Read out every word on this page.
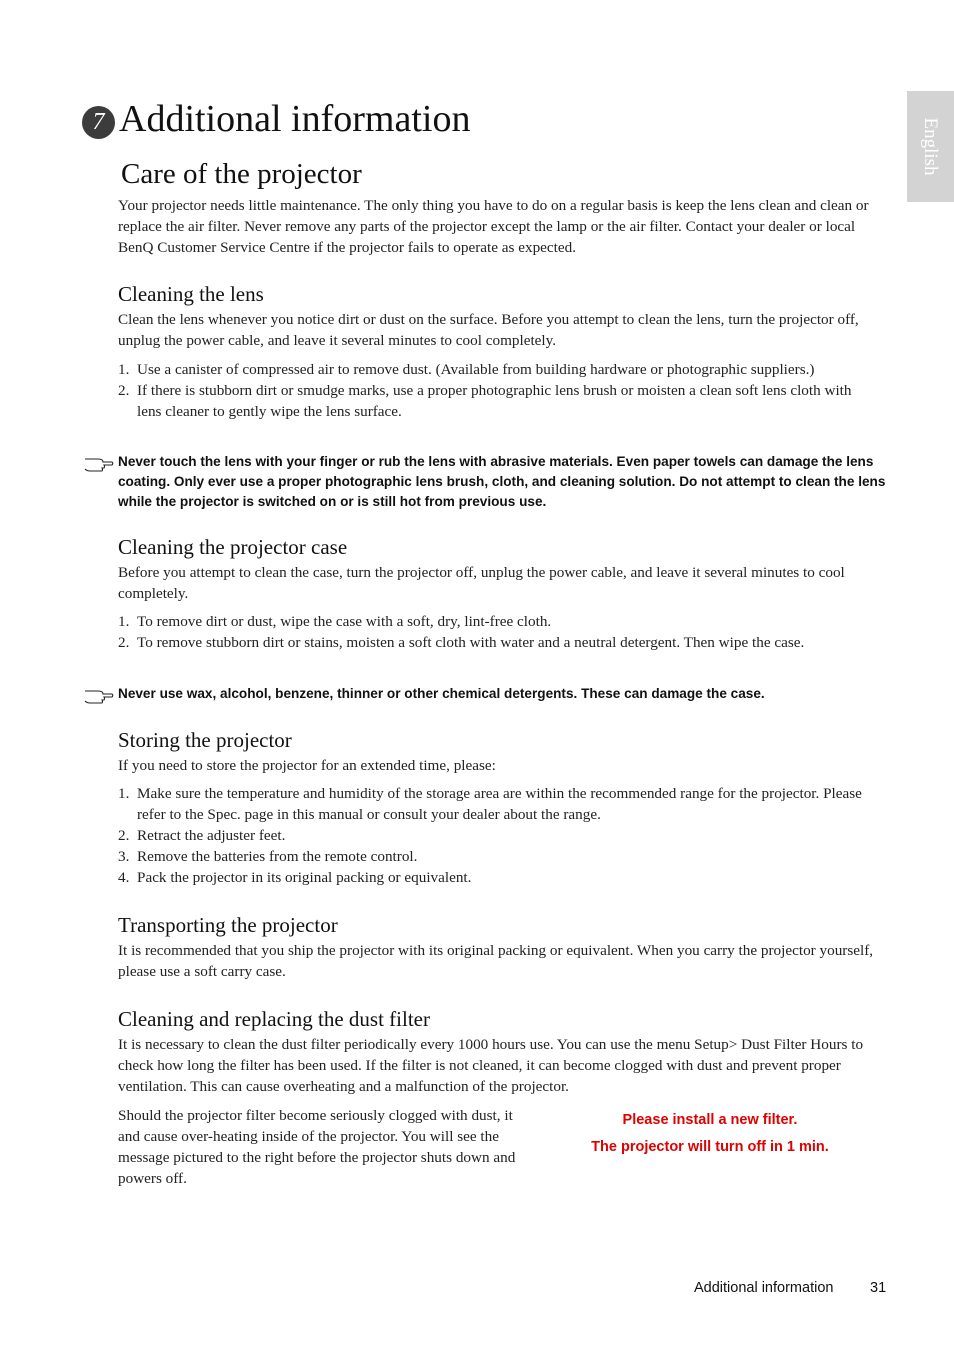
English
7 Additional information
Care of the projector

Your projector needs little maintenance. The only thing you have to do on a regular basis is keep the lens clean and clean or replace the air filter. Never remove any parts of the projector except the lamp or the air filter. Contact your dealer or local BenQ Customer Service Centre if the projector fails to operate as expected.

Cleaning the lens

Clean the lens whenever you notice dirt or dust on the surface. Before you attempt to clean the lens, turn the projector off, unplug the power cable, and leave it several minutes to cool completely.

1. Use a canister of compressed air to remove dust. (Available from building hardware or photographic suppliers.)
2. If there is stubborn dirt or smudge marks, use a proper photographic lens brush or moisten a clean soft lens cloth with lens cleaner to gently wipe the lens surface.

Never touch the lens with your finger or rub the lens with abrasive materials. Even paper towels can damage the lens coating. Only ever use a proper photographic lens brush, cloth, and cleaning solution. Do not attempt to clean the lens while the projector is switched on or is still hot from previous use.

Cleaning the projector case

Before you attempt to clean the case, turn the projector off, unplug the power cable, and leave it several minutes to cool completely.

1. To remove dirt or dust, wipe the case with a soft, dry, lint-free cloth.
2. To remove stubborn dirt or stains, moisten a soft cloth with water and a neutral detergent. Then wipe the case.

Never use wax, alcohol, benzene, thinner or other chemical detergents. These can damage the case.

Storing the projector

If you need to store the projector for an extended time, please:

1. Make sure the temperature and humidity of the storage area are within the recommended range for the projector. Please refer to the Spec. page in this manual or consult your dealer about the range.
2. Retract the adjuster feet.
3. Remove the batteries from the remote control.
4. Pack the projector in its original packing or equivalent.
Transporting the projector

It is recommended that you ship the projector with its original packing or equivalent. When you carry the projector yourself, please use a soft carry case.

Cleaning and replacing the dust filter

It is necessary to clean the dust filter periodically every 1000 hours use. You can use the menu Setup> Dust Filter Hours to check how long the filter has been used. If the filter is not cleaned, it can become clogged with dust and prevent proper ventilation. This can cause overheating and a malfunction of the projector.

Should the projector filter become seriously clogged with dust, it and cause over-heating inside of the projector. You will see the message pictured to the right before the projector shuts down and powers off.

Please install a new filter.
The projector will turn off in 1 min.
Additional information	31
